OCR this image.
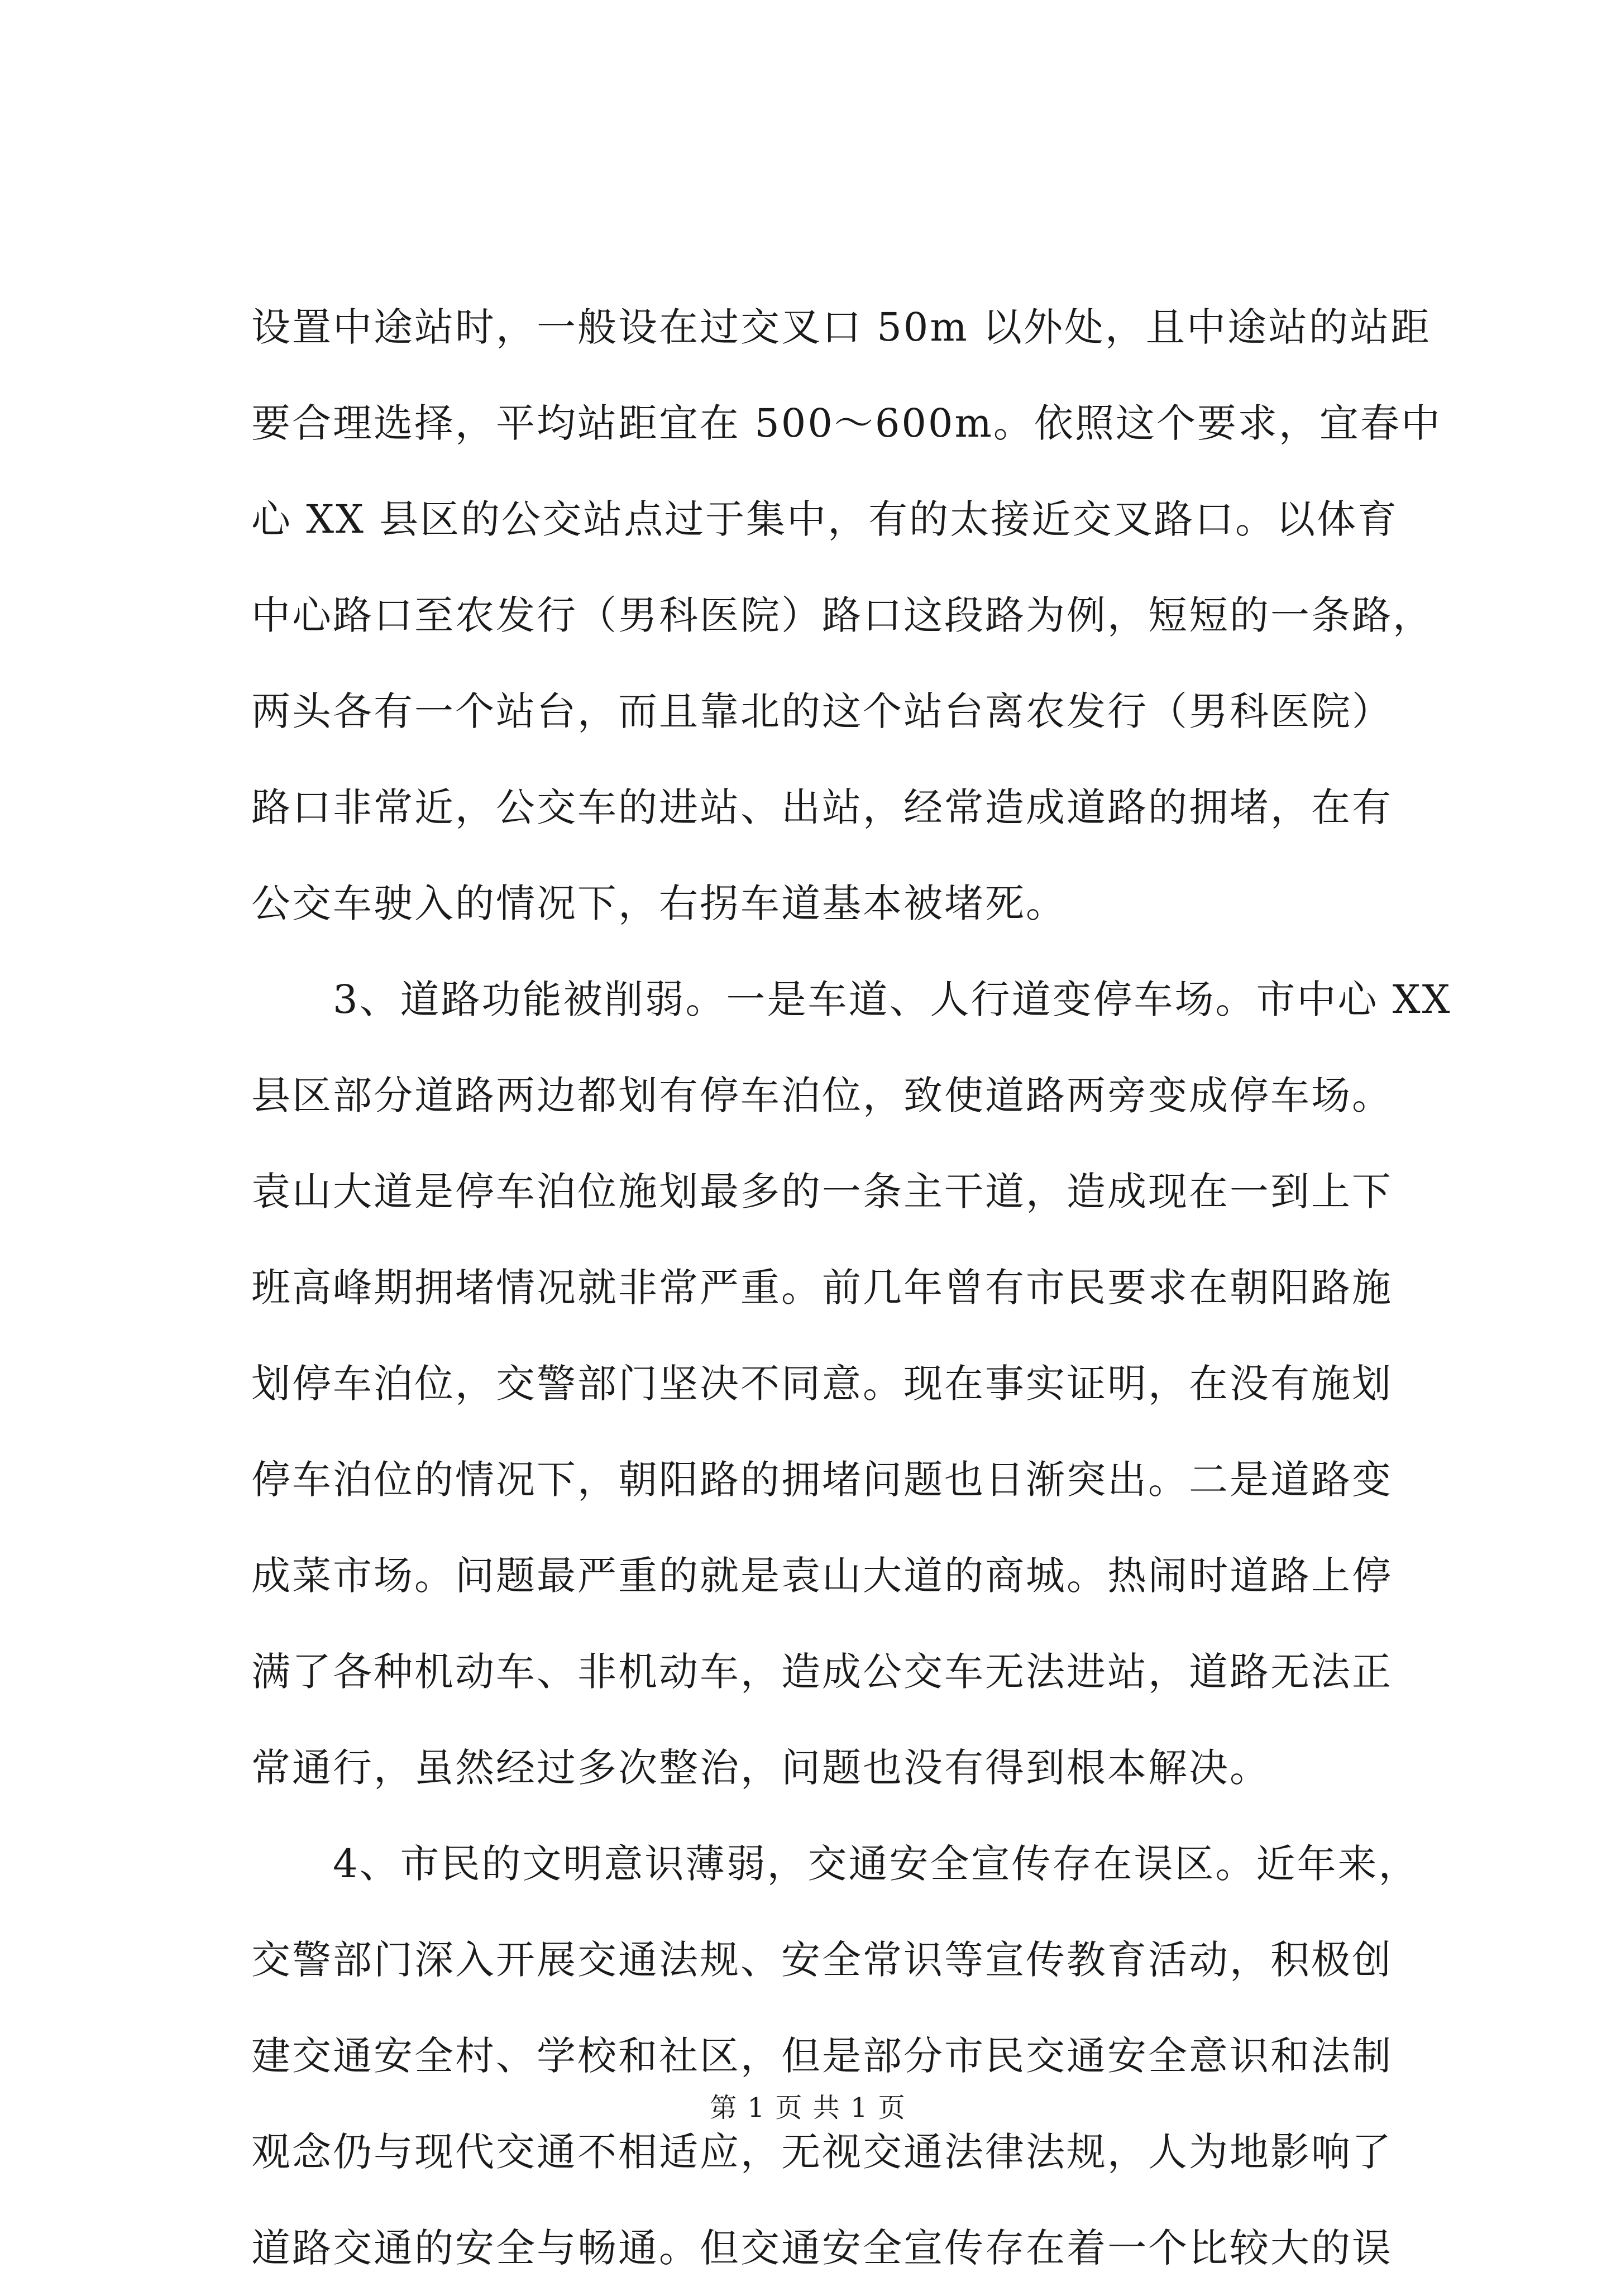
设置中途站时，一般设在过交叉口 50m 以外处，且中途站的站距
要合理选择，平均站距宜在 500～600m。依照这个要求，宜春中
心 XX 县区的公交站点过于集中，有的太接近交叉路口。以体育
中心路口至农发行（男科医院）路口这段路为例，短短的一条路，
两头各有一个站台，而且靠北的这个站台离农发行（男科医院）
路口非常近，公交车的进站、出站，经常造成道路的拥堵，在有
公交车驶入的情况下，右拐车道基本被堵死。
　　3、道路功能被削弱。一是车道、人行道变停车场。市中心 XX
县区部分道路两边都划有停车泊位，致使道路两旁变成停车场。
袁山大道是停车泊位施划最多的一条主干道，造成现在一到上下
班高峰期拥堵情况就非常严重。前几年曾有市民要求在朝阳路施
划停车泊位，交警部门坚决不同意。现在事实证明，在没有施划
停车泊位的情况下，朝阳路的拥堵问题也日渐突出。二是道路变
成菜市场。问题最严重的就是袁山大道的商城。热闹时道路上停
满了各种机动车、非机动车，造成公交车无法进站，道路无法正
常通行，虽然经过多次整治，问题也没有得到根本解决。
　　4、市民的文明意识薄弱，交通安全宣传存在误区。近年来，
交警部门深入开展交通法规、安全常识等宣传教育活动，积极创
建交通安全村、学校和社区，但是部分市民交通安全意识和法制
观念仍与现代交通不相适应，无视交通法律法规，人为地影响了
道路交通的安全与畅通。但交通安全宣传存在着一个比较大的误
第 1 页 共 1 页
